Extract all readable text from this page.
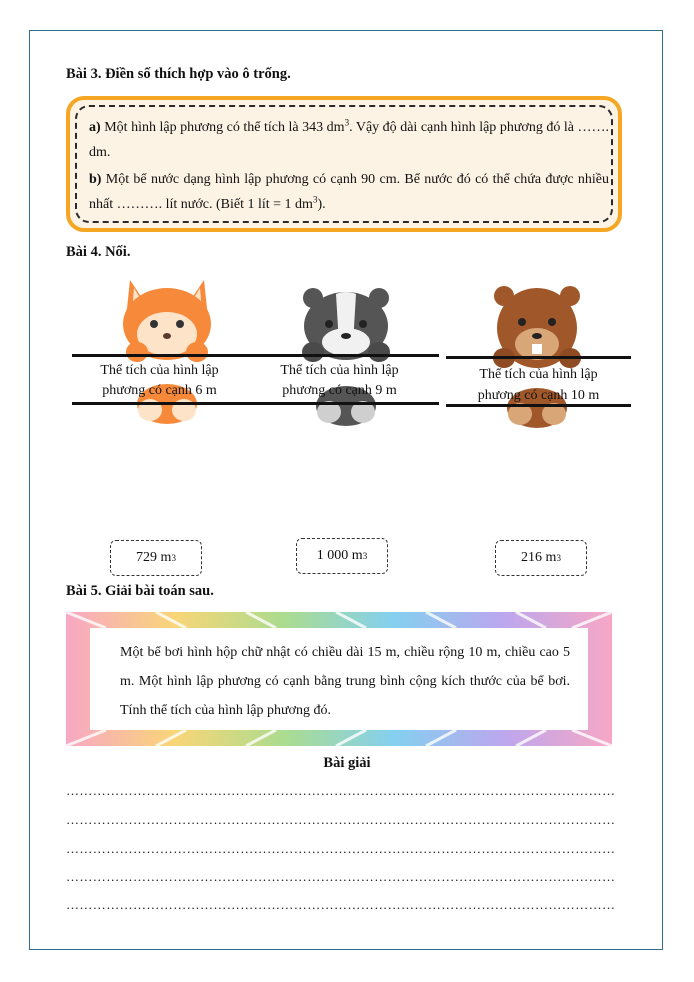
Bài 3. Điền số thích hợp vào ô trống.

a) Một hình lập phương có thể tích là 343 $dm^3$. Vậy độ dài cạnh hình lập phương đó là ……. dm.

b) Một bể nước dạng hình lập phương có cạnh 90 cm. Bể nước đó có thể chứa được nhiều nhất ………. lít nước. (Biết 1 lít = 1 $dm^3$).

Bài 4. Nối.
Thể tích của hình lập
phương có cạnh 6 m
Thể tích của hình lập
phương có cạnh 9 m
Thể tích của hình lập
phương có cạnh 10 m
729 m 3	1 000 m 3	216 m 3
Bài 5. Giải bài toán sau.
Một bể bơi hình hộp chữ nhật có chiều dài 15 m, chiều rộng 10 m, chiều cao 5 m. Một hình lập phương có cạnh bằng trung bình cộng kích thước của bể bơi. Tính thể tích của hình lập phương đó.
Bài giải
……………………………………………………………………………………………………………
……………………………………………………………………………………………………………
……………………………………………………………………………………………………………
……………………………………………………………………………………………………………
……………………………………………………………………………………………………………
